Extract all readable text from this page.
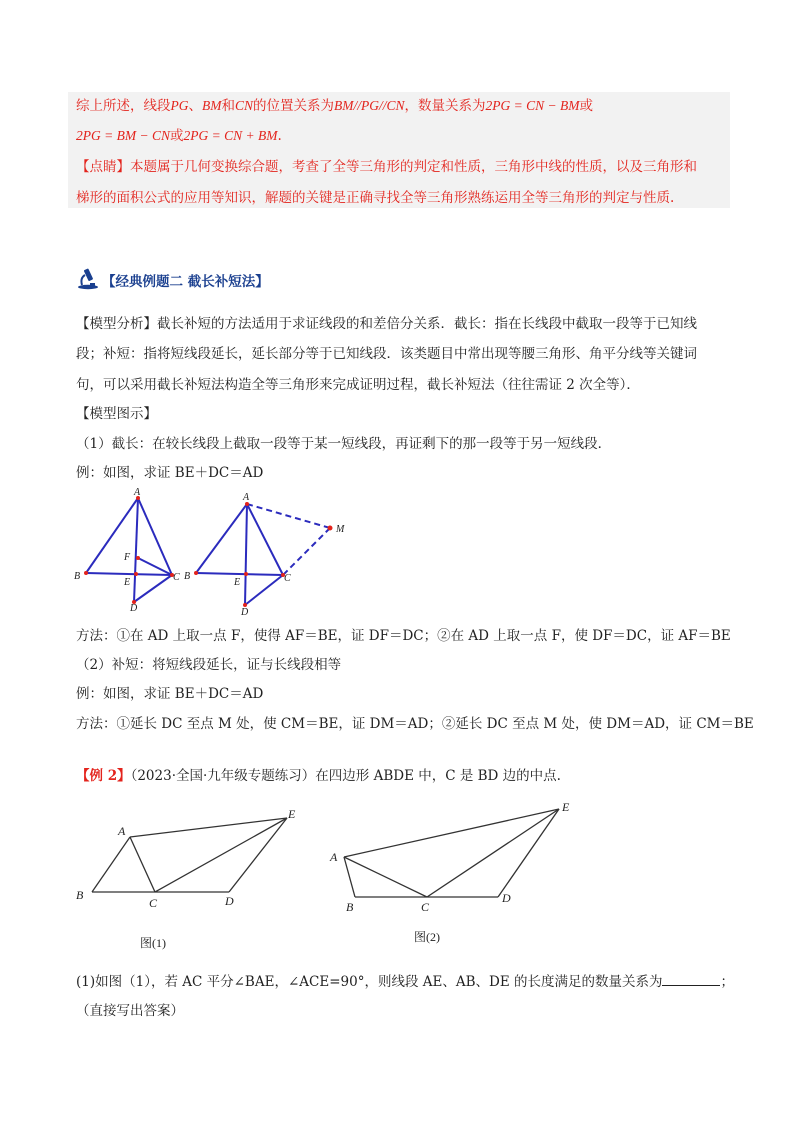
综上所述，线段PG、BM和CN的位置关系为BM//PG//CN，数量关系为2PG = CN − BM或
2PG = BM − CN或2PG = CN + BM.
【点睛】本题属于几何变换综合题，考查了全等三角形的判定和性质，三角形中线的性质，以及三角形和
梯形的面积公式的应用等知识，解题的关键是正确寻找全等三角形熟练运用全等三角形的判定与性质.
【经典例题二 截长补短法】
【模型分析】截长补短的方法适用于求证线段的和差倍分关系．截长：指在长线段中截取一段等于已知线
段；补短：指将短线段延长，延长部分等于已知线段．该类题目中常出现等腰三角形、角平分线等关键词
句，可以采用截长补短法构造全等三角形来完成证明过程，截长补短法（往往需证 2 次全等）．
【模型图示】
（1）截长：在较长线段上截取一段等于某一短线段，再证剩下的那一段等于另一短线段．
例：如图，求证 BE＋DC＝AD
A
F
B
E	C
D
A
M
B
E	C
D
方法：①在 AD 上取一点 F，使得 AF＝BE，证 DF＝DC；②在 AD 上取一点 F，使 DF＝DC，证 AF＝BE
（2）补短：将短线段延长，证与长线段相等
例：如图，求证 BE＋DC＝AD
方法：①延长 DC 至点 M 处，使 CM＝BE，证 DM＝AD；②延长 DC 至点 M 处，使 DM＝AD，证 CM＝BE
【例 2】（2023·全国·九年级专题练习）在四边形 ABDE 中，C 是 BD 边的中点.
A
E
B
C	D
图(1)
E
A
B	C
D
图(2)
(1)如图（1），若 AC 平分∠BAE，∠ACE=90°，则线段 AE、AB、DE 的长度满足的数量关系为	；
（直接写出答案）
